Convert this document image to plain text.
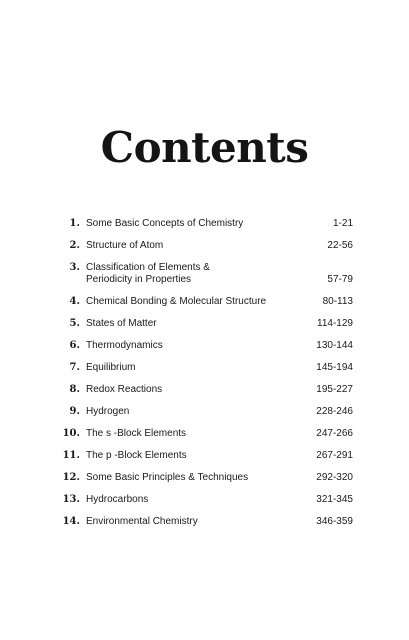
Contents
1. Some Basic Concepts of Chemistry	1-21
2. Structure of Atom	22-56
3. Classification of Elements &
Periodicity in Properties	57-79
4. Chemical Bonding & Molecular Structure	80-113
5. States of Matter	114-129
6. Thermodynamics	130-144
7. Equilibrium	145-194
8. Redox Reactions	195-227
9. Hydrogen	228-246
10. The s -Block Elements	247-266
11. The p -Block Elements	267-291
12. Some Basic Principles & Techniques	292-320
13. Hydrocarbons	321-345
14. Environmental Chemistry	346-359
